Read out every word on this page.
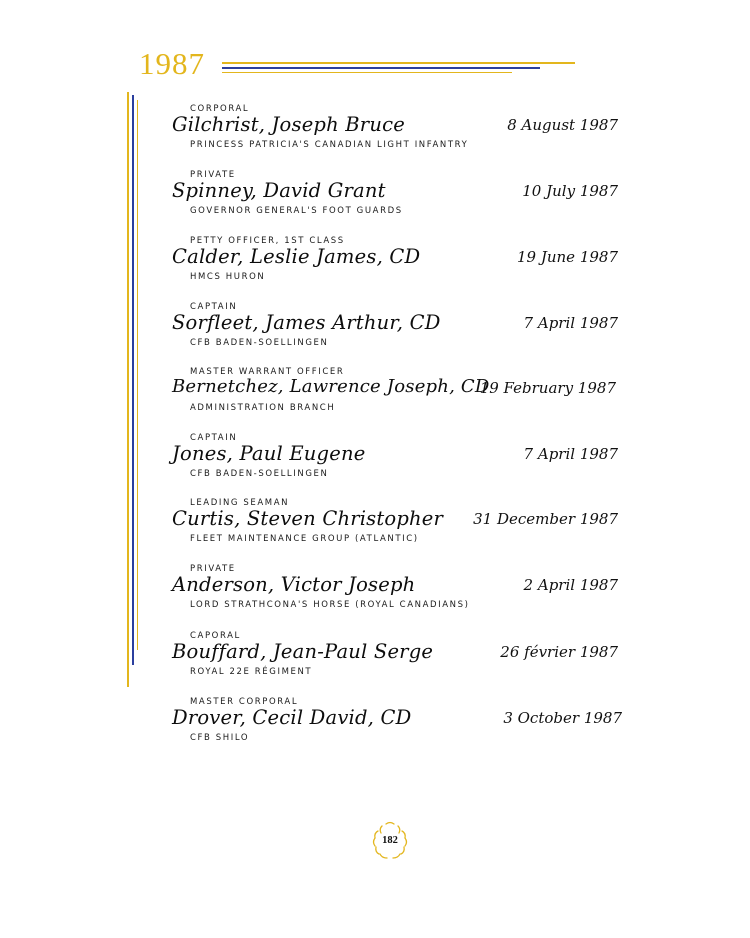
1987
CORPORAL
Gilchrist, Joseph Bruce
PRINCESS PATRICIA'S CANADIAN LIGHT INFANTRY
8 August 1987
PRIVATE
Spinney, David Grant
GOVERNOR GENERAL'S FOOT GUARDS
10 July 1987
PETTY OFFICER, 1ST CLASS
Calder, Leslie James, CD
HMCS HURON
19 June 1987
CAPTAIN
Sorfleet, James Arthur, CD
CFB BADEN-SOELLINGEN
7 April 1987
MASTER WARRANT OFFICER
Bernetchez, Lawrence Joseph, CD
ADMINISTRATION BRANCH
19 February 1987
CAPTAIN
Jones, Paul Eugene
CFB BADEN-SOELLINGEN
7 April 1987
LEADING SEAMAN
Curtis, Steven Christopher
FLEET MAINTENANCE GROUP (ATLANTIC)
31 December 1987
PRIVATE
Anderson, Victor Joseph
LORD STRATHCONA'S HORSE (ROYAL CANADIANS)
2 April 1987
CAPORAL
Bouffard, Jean-Paul Serge
ROYAL 22E RÉGIMENT
26 février 1987
MASTER CORPORAL
Drover, Cecil David, CD
CFB SHILO
3 October 1987
182
